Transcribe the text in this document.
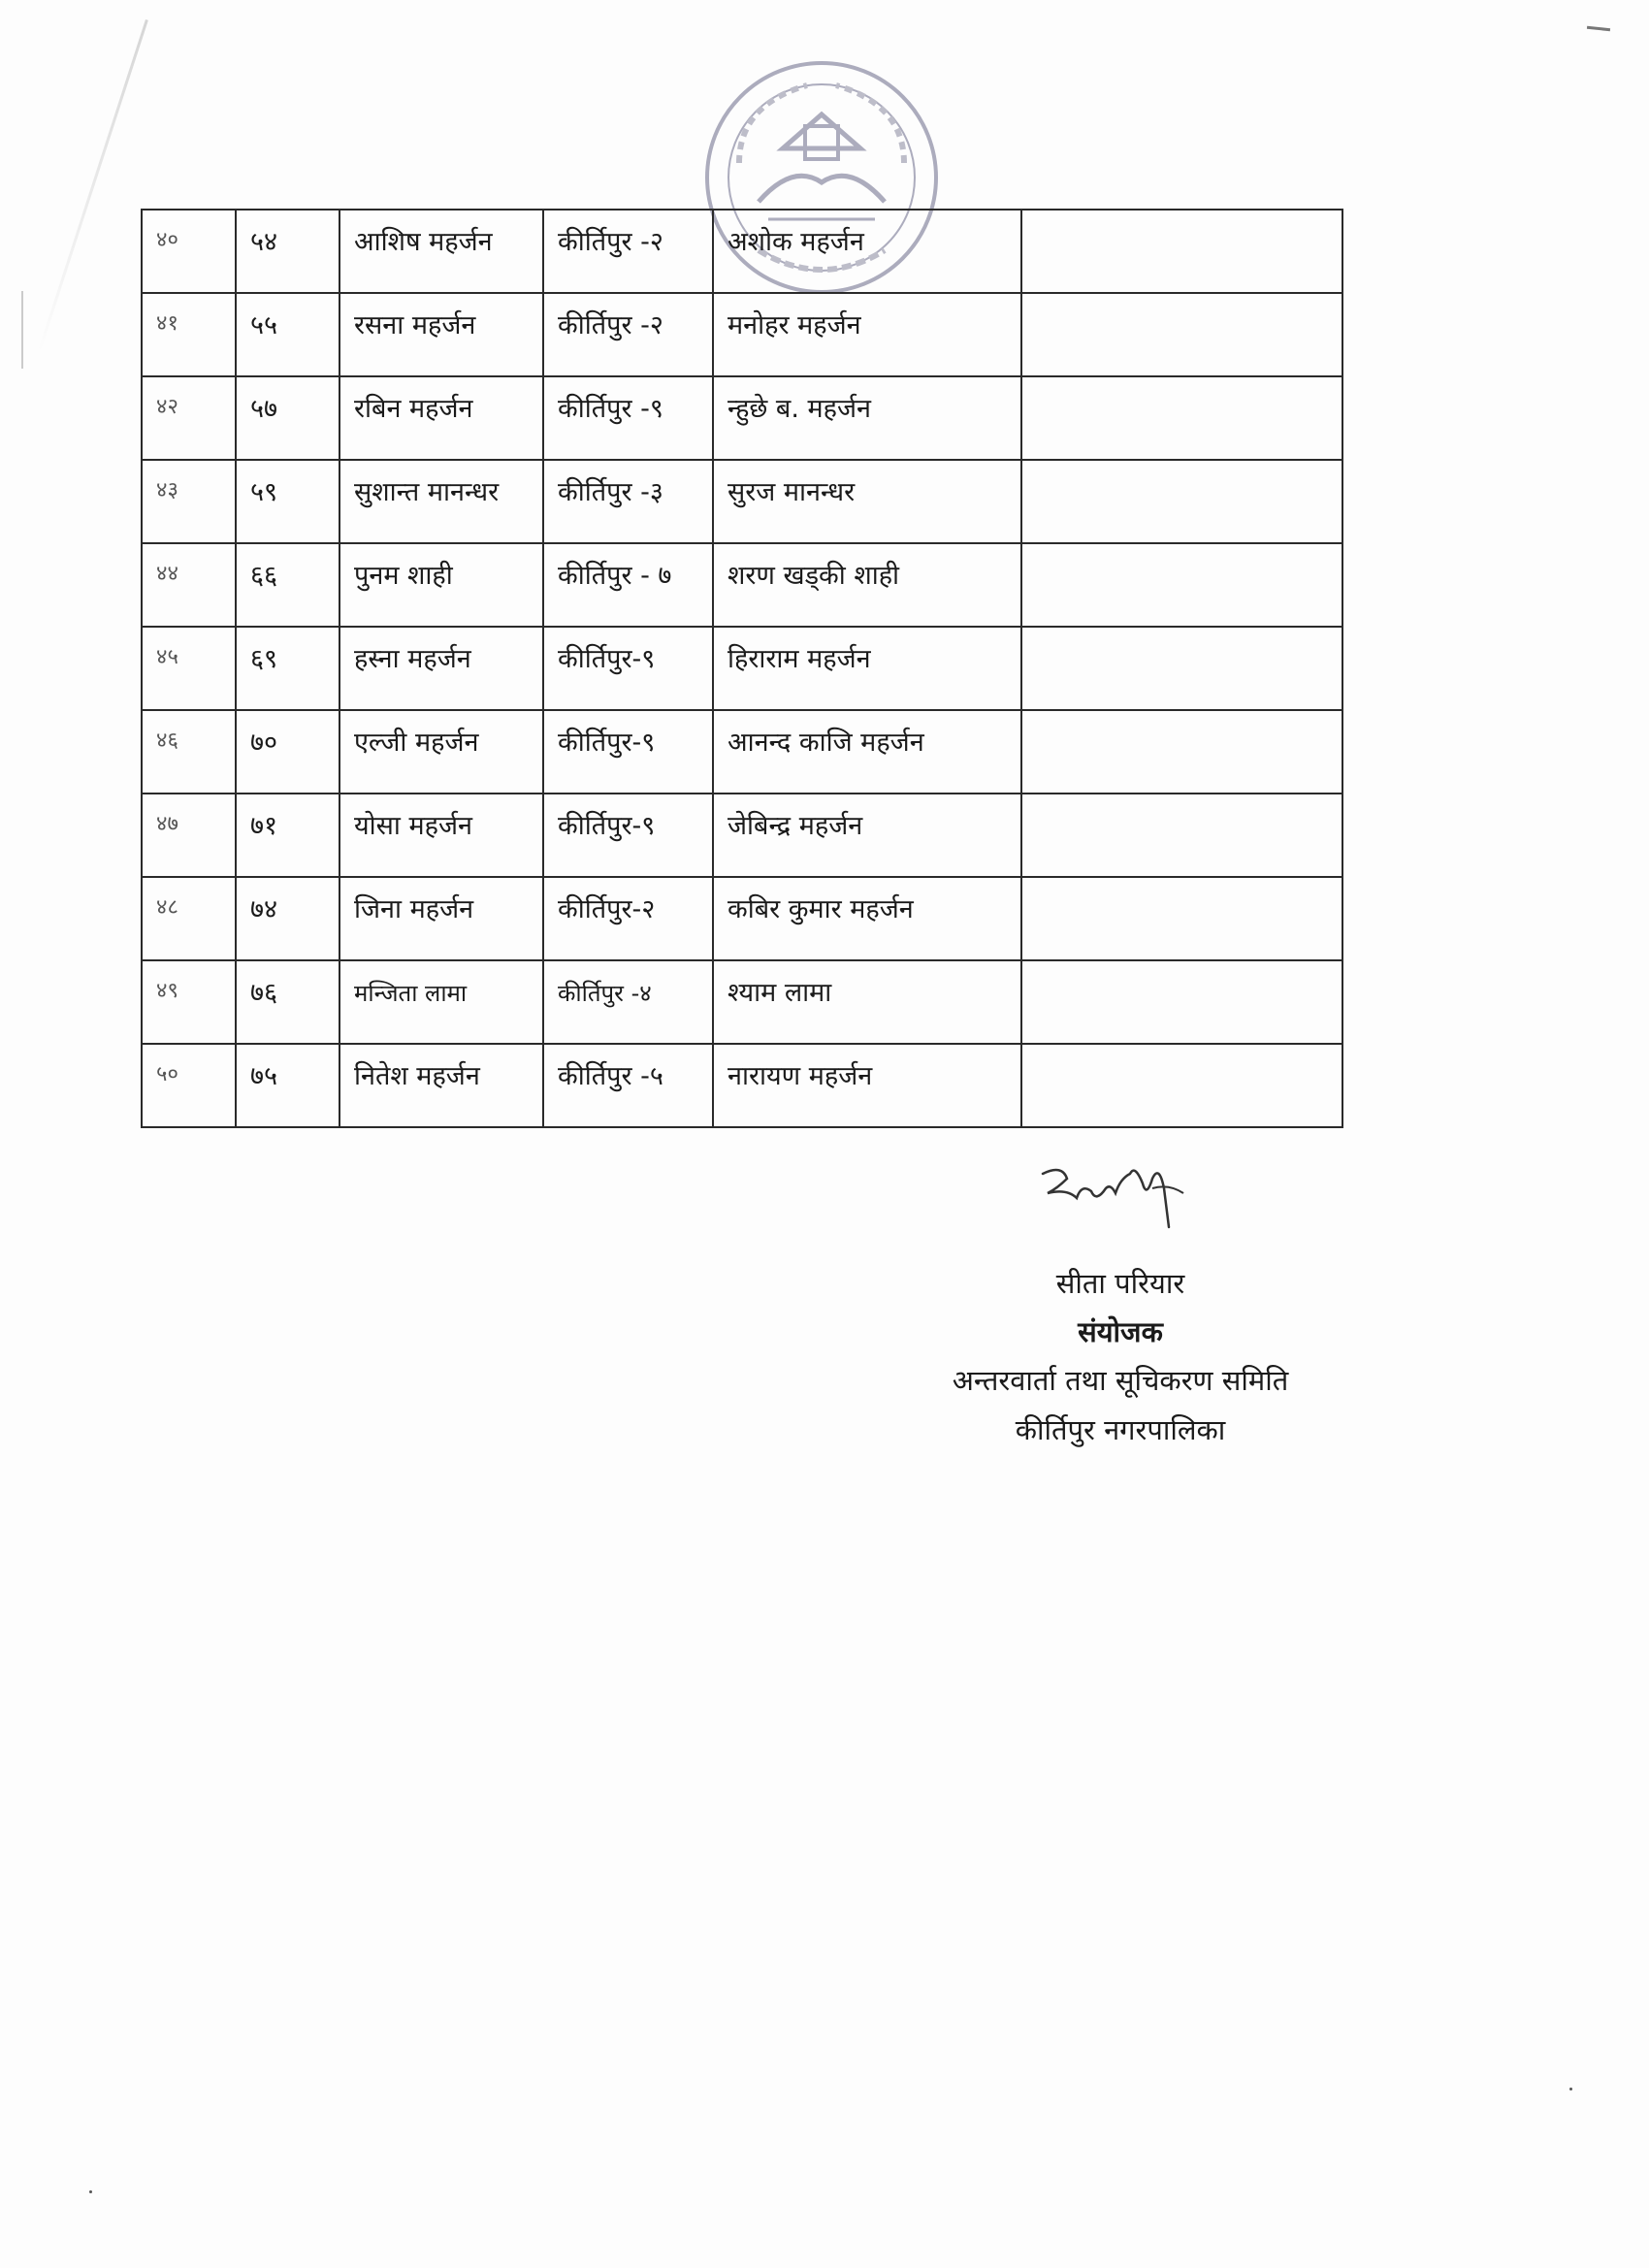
४०	५४	आशिष महर्जन	कीर्तिपुर -२	अशोक महर्जन
४१	५५	रसना महर्जन	कीर्तिपुर -२	मनोहर महर्जन
४२	५७	रबिन महर्जन	कीर्तिपुर -९	न्हुछे ब. महर्जन
४३	५९	सुशान्त मानन्धर	कीर्तिपुर -३	सुरज मानन्धर
४४	६६	पुनम शाही	कीर्तिपुर - ७	शरण खड्की शाही
४५	६९	हस्ना महर्जन	कीर्तिपुर-९	हिराराम महर्जन
४६	७०	एल्जी महर्जन	कीर्तिपुर-९	आनन्द काजि महर्जन
४७	७१	योसा महर्जन	कीर्तिपुर-९	जेबिन्द्र महर्जन
४८	७४	जिना महर्जन	कीर्तिपुर-२	कबिर कुमार महर्जन
४९	७६	मन्जिता लामा	कीर्तिपुर -४	श्याम लामा
५०	७५	नितेश महर्जन	कीर्तिपुर -५	नारायण महर्जन
सीता परियार
संयोजक
अन्तरवार्ता तथा सूचिकरण समिति
कीर्तिपुर नगरपालिका
